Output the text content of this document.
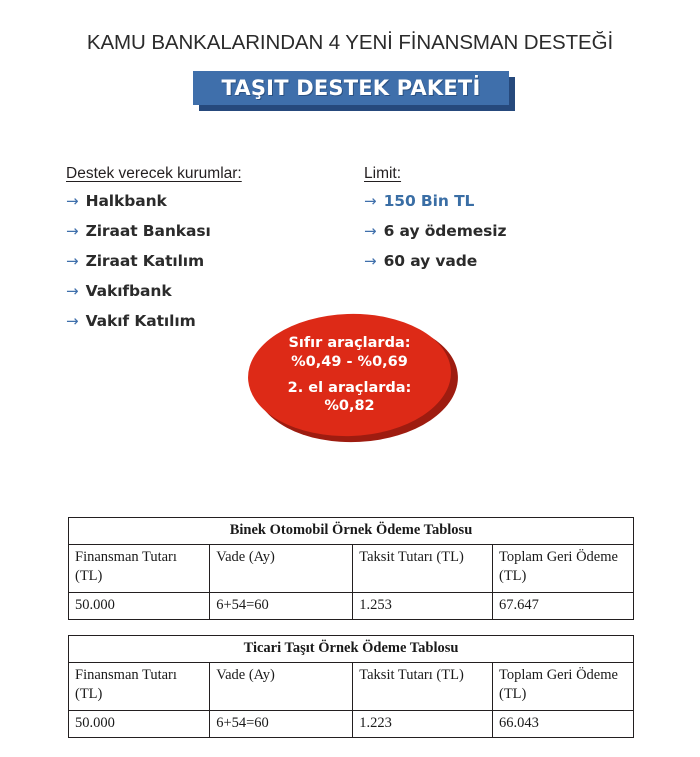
KAMU BANKALARINDAN 4 YENİ FİNANSMAN DESTEĞİ
TAŞIT DESTEK PAKETİ
Destek verecek kurumlar:
→ Halkbank
→ Ziraat Bankası
→ Ziraat Katılım
→ Vakıfbank
→ Vakıf Katılım
Limit:
→ 150 Bin TL
→ 6 ay ödemesiz
→ 60 ay vade
Sıfır araçlarda:
%0,49 - %0,69
2. el araçlarda:
%0,82
Binek Otomobil Örnek Ödeme Tablosu			
Finansman Tutarı (TL)	Vade (Ay)	Taksit Tutarı (TL)	Toplam Geri Ödeme (TL)
50.000	6+54=60	1.253	67.647
Ticari Taşıt Örnek Ödeme Tablosu			
Finansman Tutarı (TL)	Vade (Ay)	Taksit Tutarı (TL)	Toplam Geri Ödeme (TL)
50.000	6+54=60	1.223	66.043
